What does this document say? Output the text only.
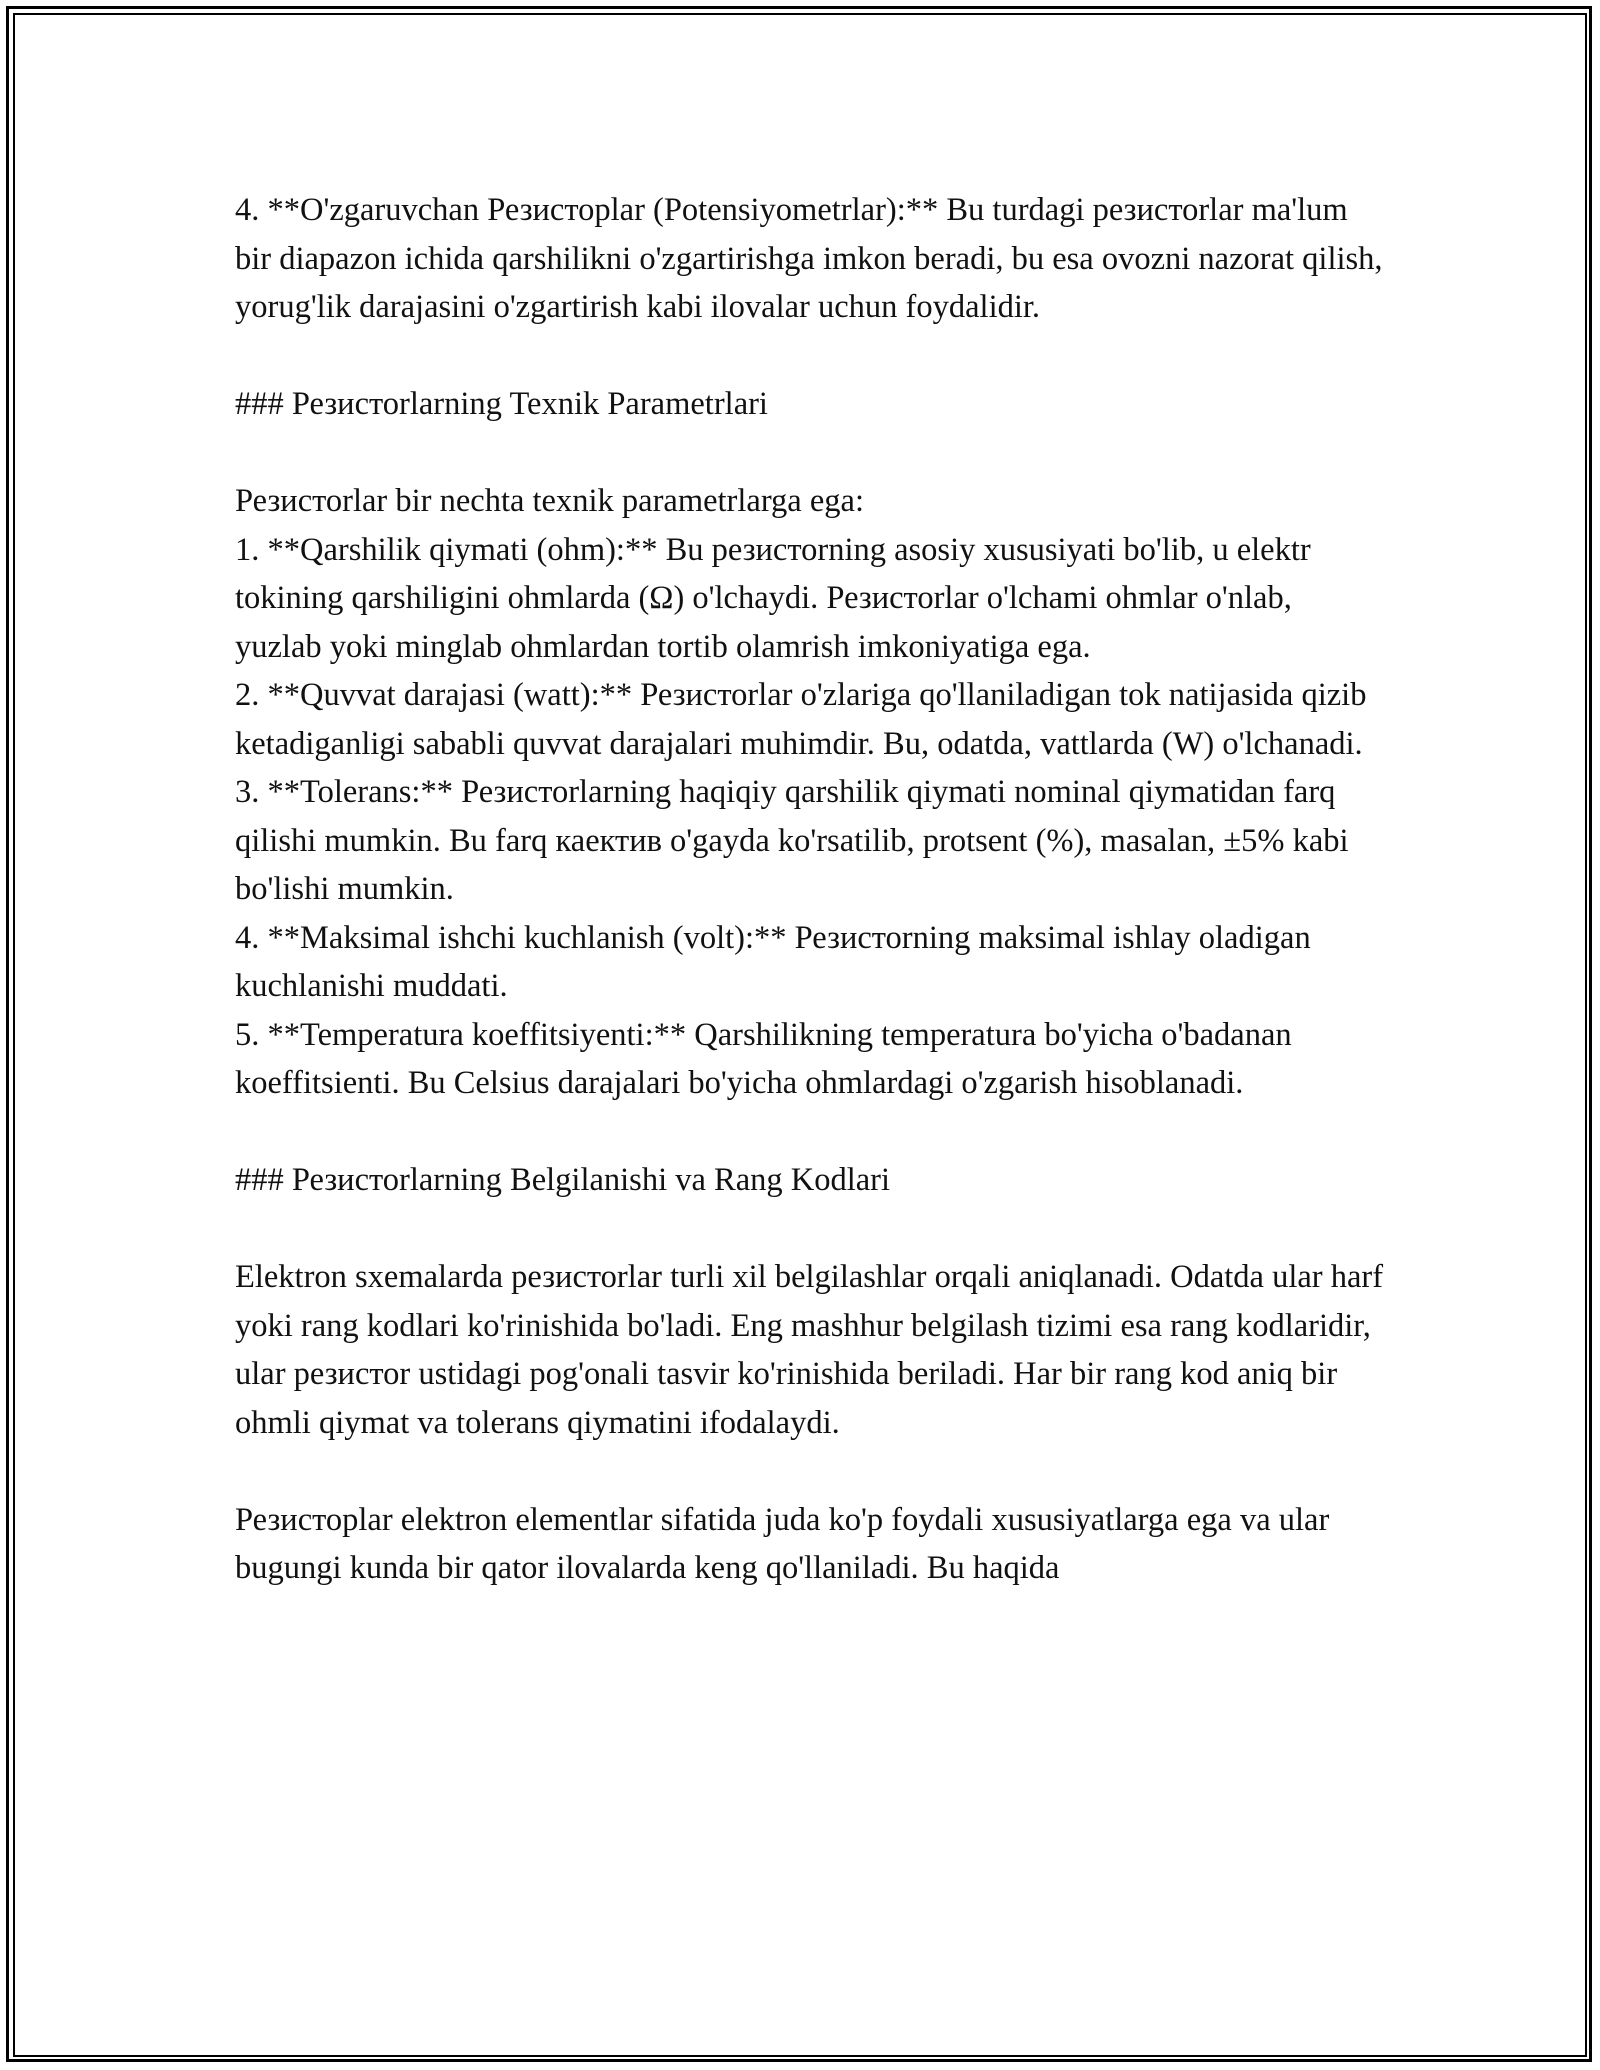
4. **O'zgaruvchan Резистоplar (Potensiyometrlar):** Bu turdagi резистоrlar ma'lum bir diapazon ichida qarshilikni o'zgartirishga imkon beradi, bu esa ovozni nazorat qilish, yorug'lik darajasini o'zgartirish kabi ilovalar uchun foydalidir.

### Резистоrlarning Texnik Parametrlari

Резистоrlar bir nechta texnik parametrlarga ega:

1. **Qarshilik qiymati (ohm):** Bu резистоrning asosiy xususiyati bo'lib, u elektr tokining qarshiligini ohmlarda (Ω) o'lchaydi. Резистоrlar o'lchami ohmlar o'nlab, yuzlab yoki minglab ohmlardan tortib olamrish imkoniyatiga ega.

2. **Quvvat darajasi (watt):** Резистоrlar o'zlariga qo'llaniladigan tok natijasida qizib ketadiganligi sababli quvvat darajalari muhimdir. Bu, odatda, vattlarda (W) o'lchanadi.

3. **Tolerans:** Резистоrlarning haqiqiy qarshilik qiymati nominal qiymatidan farq qilishi mumkin. Bu farq каектив o'gayda ko'rsatilib, protsent (%), masalan, ±5% kabi bo'lishi mumkin.

4. **Maksimal ishchi kuchlanish (volt):** Резистоrning maksimal ishlay oladigan kuchlanishi muddati.

5. **Temperatura koeffitsiyenti:** Qarshilikning temperatura bo'yicha o'badanan koeffitsienti. Bu Celsius darajalari bo'yicha ohmlardagi o'zgarish hisoblanadi.

### Резистоrlarning Belgilanishi va Rang Kodlari

Elektron sxemalarda резистоrlar turli xil belgilashlar orqali aniqlanadi. Odatda ular harf yoki rang kodlari ko'rinishida bo'ladi. Eng mashhur belgilash tizimi esa rang kodlaridir, ular резистоr ustidagi pog'onali tasvir ko'rinishida beriladi. Har bir rang kod aniq bir ohmli qiymat va tolerans qiymatini ifodalaydi.

Резистоplar elektron elementlar sifatida juda ko'p foydali xususiyatlarga ega va ular bugungi kunda bir qator ilovalarda keng qo'llaniladi. Bu haqida
